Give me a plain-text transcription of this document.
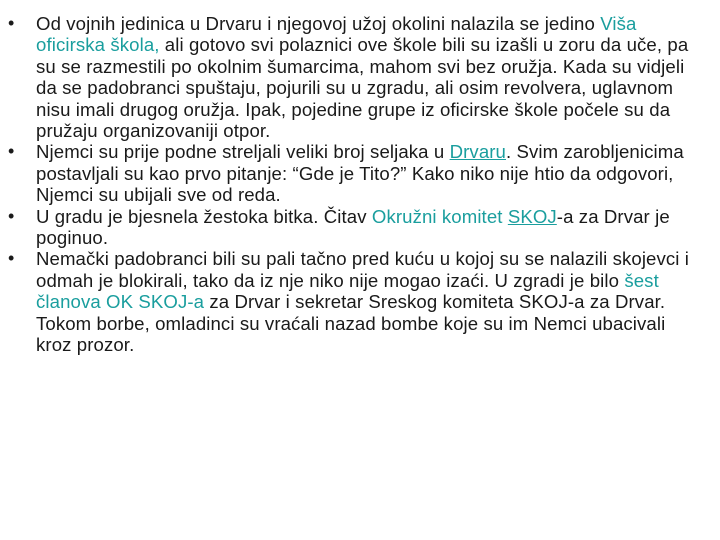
• Od vojnih jedinica u Drvaru i njegovoj užoj okolini nalazila se jedino Viša oficirska škola, ali gotovo svi polaznici ove škole bili su izašli u zoru da uče, pa su se razmestili po okolnim šumarcima, mahom svi bez oružja. Kada su vidjeli da se padobranci spuštaju, pojurili su u zgradu, ali osim revolvera, uglavnom nisu imali drugog oružja. Ipak, pojedine grupe iz oficirske škole počele su da pružaju organizovaniji otpor.
• Njemci su prije podne streljali veliki broj seljaka u Drvaru. Svim zarobljenicima postavljali su kao prvo pitanje: “Gde je Tito?” Kako niko nije htio da odgovori, Njemci su ubijali sve od reda.
• U gradu je bjesnela žestoka bitka. Čitav Okružni komitet SKOJ-a za Drvar je poginuo.
• Nemački padobranci bili su pali tačno pred kuću u kojoj su se nalazili skojevci i odmah je blokirali, tako da iz nje niko nije mogao izaći. U zgradi je bilo šest članova OK SKOJ-a za Drvar i sekretar Sreskog komiteta SKOJ-a za Drvar. Tokom borbe, omladinci su vraćali nazad bombe koje su im Nemci ubacivali kroz prozor.
